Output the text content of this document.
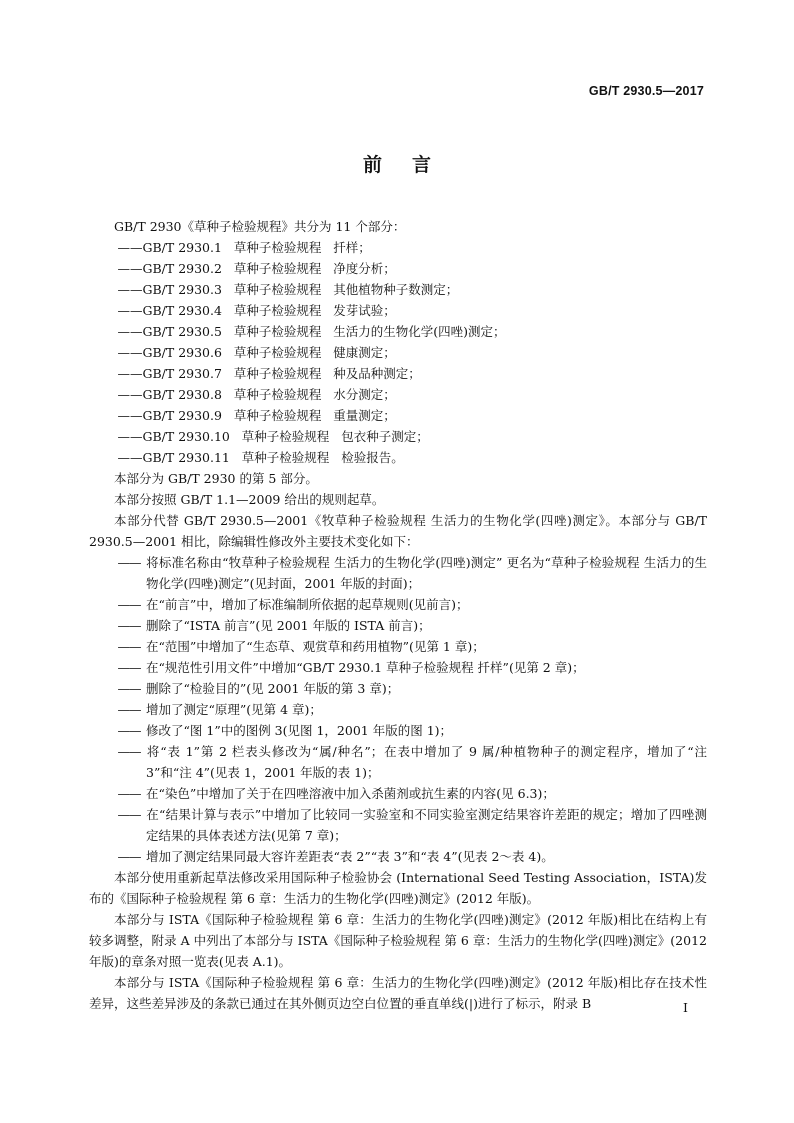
GB/T 2930.5—2017
前言

GB/T 2930《草种子检验规程》共分为 11 个部分：

——GB/T 2930.1   草种子检验规程   扦样；

——GB/T 2930.2   草种子检验规程   净度分析；

——GB/T 2930.3   草种子检验规程   其他植物种子数测定；

——GB/T 2930.4   草种子检验规程   发芽试验；

——GB/T 2930.5   草种子检验规程   生活力的生物化学(四唑)测定；

——GB/T 2930.6   草种子检验规程   健康测定；

——GB/T 2930.7   草种子检验规程   种及品种测定；

——GB/T 2930.8   草种子检验规程   水分测定；

——GB/T 2930.9   草种子检验规程   重量测定；

——GB/T 2930.10   草种子检验规程   包衣种子测定；

——GB/T 2930.11   草种子检验规程   检验报告。

本部分为 GB/T 2930 的第 5 部分。

本部分按照 GB/T 1.1—2009 给出的规则起草。

本部分代替 GB/T 2930.5—2001《牧草种子检验规程 生活力的生物化学(四唑)测定》。本部分与 GB/T 2930.5—2001 相比，除编辑性修改外主要技术变化如下：

—— 将标准名称由“牧草种子检验规程 生活力的生物化学(四唑)测定” 更名为“草种子检验规程 生活力的生物化学(四唑)测定”(见封面，2001 年版的封面)；

—— 在“前言”中，增加了标准编制所依据的起草规则(见前言)；

—— 删除了“ISTA 前言”(见 2001 年版的 ISTA 前言)；

—— 在“范围”中增加了“生态草、观赏草和药用植物”(见第 1 章)；

—— 在“规范性引用文件”中增加“GB/T 2930.1 草种子检验规程 扦样”(见第 2 章)；

—— 删除了“检验目的”(见 2001 年版的第 3 章)；

—— 增加了测定“原理”(见第 4 章)；

—— 修改了“图 1”中的图例 3(见图 1，2001 年版的图 1)；

—— 将“表 1”第 2 栏表头修改为“属/种名”；在表中增加了 9 属/种植物种子的测定程序，增加了“注 3”和“注 4”(见表 1，2001 年版的表 1)；

—— 在“染色”中增加了关于在四唑溶液中加入杀菌剂或抗生素的内容(见 6.3)；

—— 在“结果计算与表示”中增加了比较同一实验室和不同实验室测定结果容许差距的规定；增加了四唑测定结果的具体表述方法(见第 7 章)；

—— 增加了测定结果同最大容许差距表“表 2”“表 3”和“表 4”(见表 2～表 4)。

本部分使用重新起草法修改采用国际种子检验协会 (International Seed Testing Association，ISTA)发布的《国际种子检验规程 第 6 章：生活力的生物化学(四唑)测定》(2012 年版)。

本部分与 ISTA《国际种子检验规程 第 6 章：生活力的生物化学(四唑)测定》(2012 年版)相比在结构上有较多调整，附录 A 中列出了本部分与 ISTA《国际种子检验规程 第 6 章：生活力的生物化学(四唑)测定》(2012 年版)的章条对照一览表(见表 A.1)。

本部分与 ISTA《国际种子检验规程 第 6 章：生活力的生物化学(四唑)测定》(2012 年版)相比存在技术性差异，这些差异涉及的条款已通过在其外侧页边空白位置的垂直单线(|)进行了标示，附录 B	I
